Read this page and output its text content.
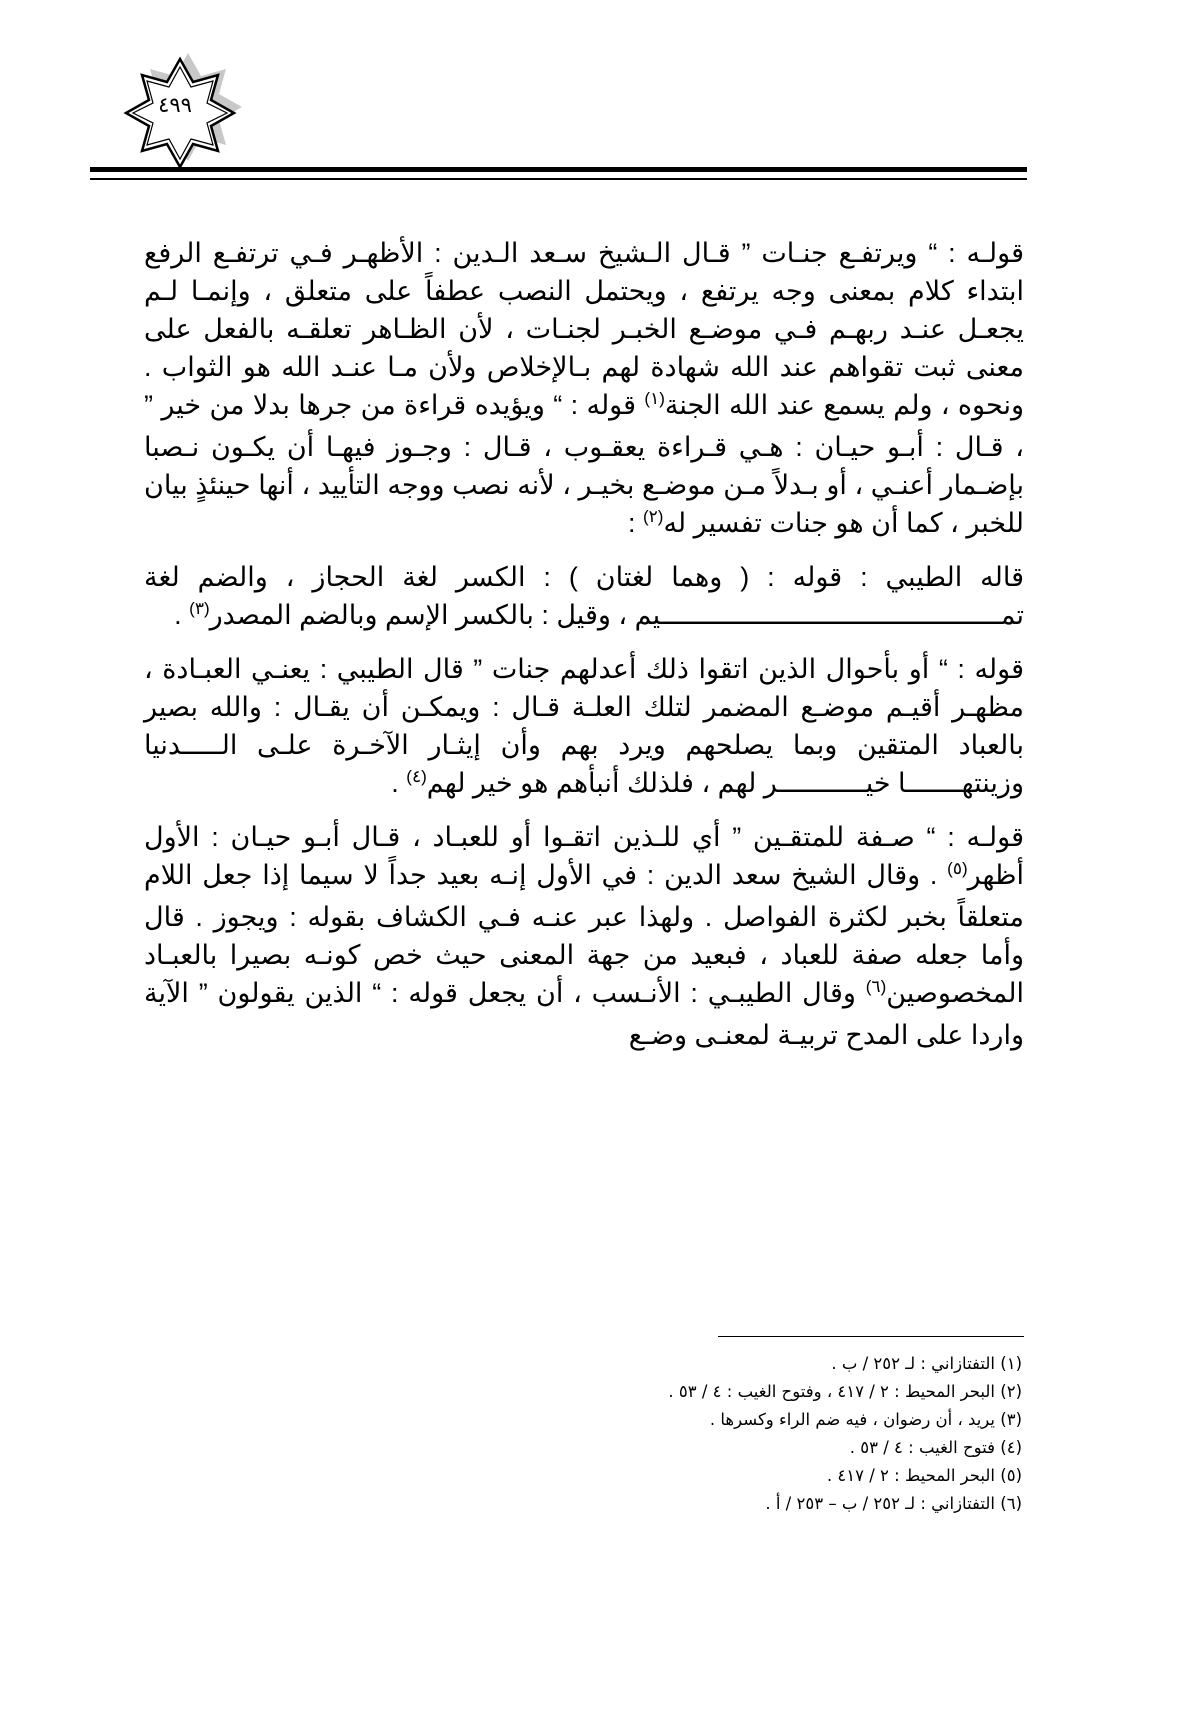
٤٩٩

قولـه : “ ويرتفـع جنـات ” قـال الـشيخ سـعد الـدين : الأظهـر فـي ترتفـع الرفع ابتداء كلام بمعنى وجه يرتفع ، ويحتمل النصب عطفاً على متعلق ، وإنمـا لـم يجعـل عنـد ربهـم فـي موضـع الخبـر لجنـات ، لأن الظـاهر تعلقـه بالفعل على معنى ثبت تقواهم عند الله شهادة لهم بـالإخلاص ولأن مـا عنـد الله هو الثواب . ونحوه ، ولم يسمع عند الله الجنة$^{(١)}$ قوله : “ ويؤيده قراءة من جرها بدلا من خير ” ، قـال : أبـو حيـان : هـي قـراءة يعقـوب ، قـال : وجـوز فيهـا أن يكـون نـصبا بإضـمار أعنـي ، أو بـدلاً مـن موضـع بخيـر ، لأنه نصب ووجه التأييد ، أنها حينئذٍ بيان للخبر ، كما أن هو جنات تفسير له$^{(٢)}$ :

قاله الطيبي : قوله : ( وهما لغتان ) : الكسر لغة الحجاز ، والضم لغة تمـــــــــــــــــــــــــــــــــــــــــــيم ، وقيل : بالكسر الإسم وبالضم المصدر$^{(٣)}$ .

قوله : “ أو بأحوال الذين اتقوا ذلك أعدلهم جنات ” قال الطيبي : يعنـي العبـادة ، مظهـر أقيـم موضـع المضمر لتلك العلـة قـال : ويمكـن أن يقـال : والله بصير بالعباد المتقين وبما يصلحهم ويرد بهم وأن إيثـار الآخـرة علـى الـــــدنيا وزينتهـــــــا خيـــــــــــر لهم ، فلذلك أنبأهم هو خير لهم$^{(٤)}$ .

قولـه : “ صـفة للمتقـين ” أي للـذين اتقـوا أو للعبـاد ، قـال أبـو حيـان : الأول أظهر$^{(٥)}$ . وقال الشيخ سعد الدين : في الأول إنـه بعيد جداً لا سيما إذا جعل اللام متعلقاً بخبر لكثرة الفواصل . ولهذا عبر عنـه فـي الكشاف بقوله : ويجوز . قال وأما جعله صفة للعباد ، فبعيد من جهة المعنى حيث خص كونـه بصيرا بالعبـاد المخصوصين$^{(٦)}$ وقال الطيبـي : الأنـسب ، أن يجعل قوله : “ الذين يقولون ” الآية واردا على المدح تربيـة لمعنـى وضـع

(١) التفتازاني : لـ ٢٥٢ / ب .
(٢) البحر المحيط : ٢ / ٤١٧ ، وفتوح الغيب : ٤ / ٥٣ .
(٣) يريد ، أن رضوان ، فيه ضم الراء وكسرها .
(٤) فتوح الغيب : ٤ / ٥٣ .
(٥) البحر المحيط : ٢ / ٤١٧ .
(٦) التفتازاني : لـ ٢٥٢ / ب – ٢٥٣ / أ .
